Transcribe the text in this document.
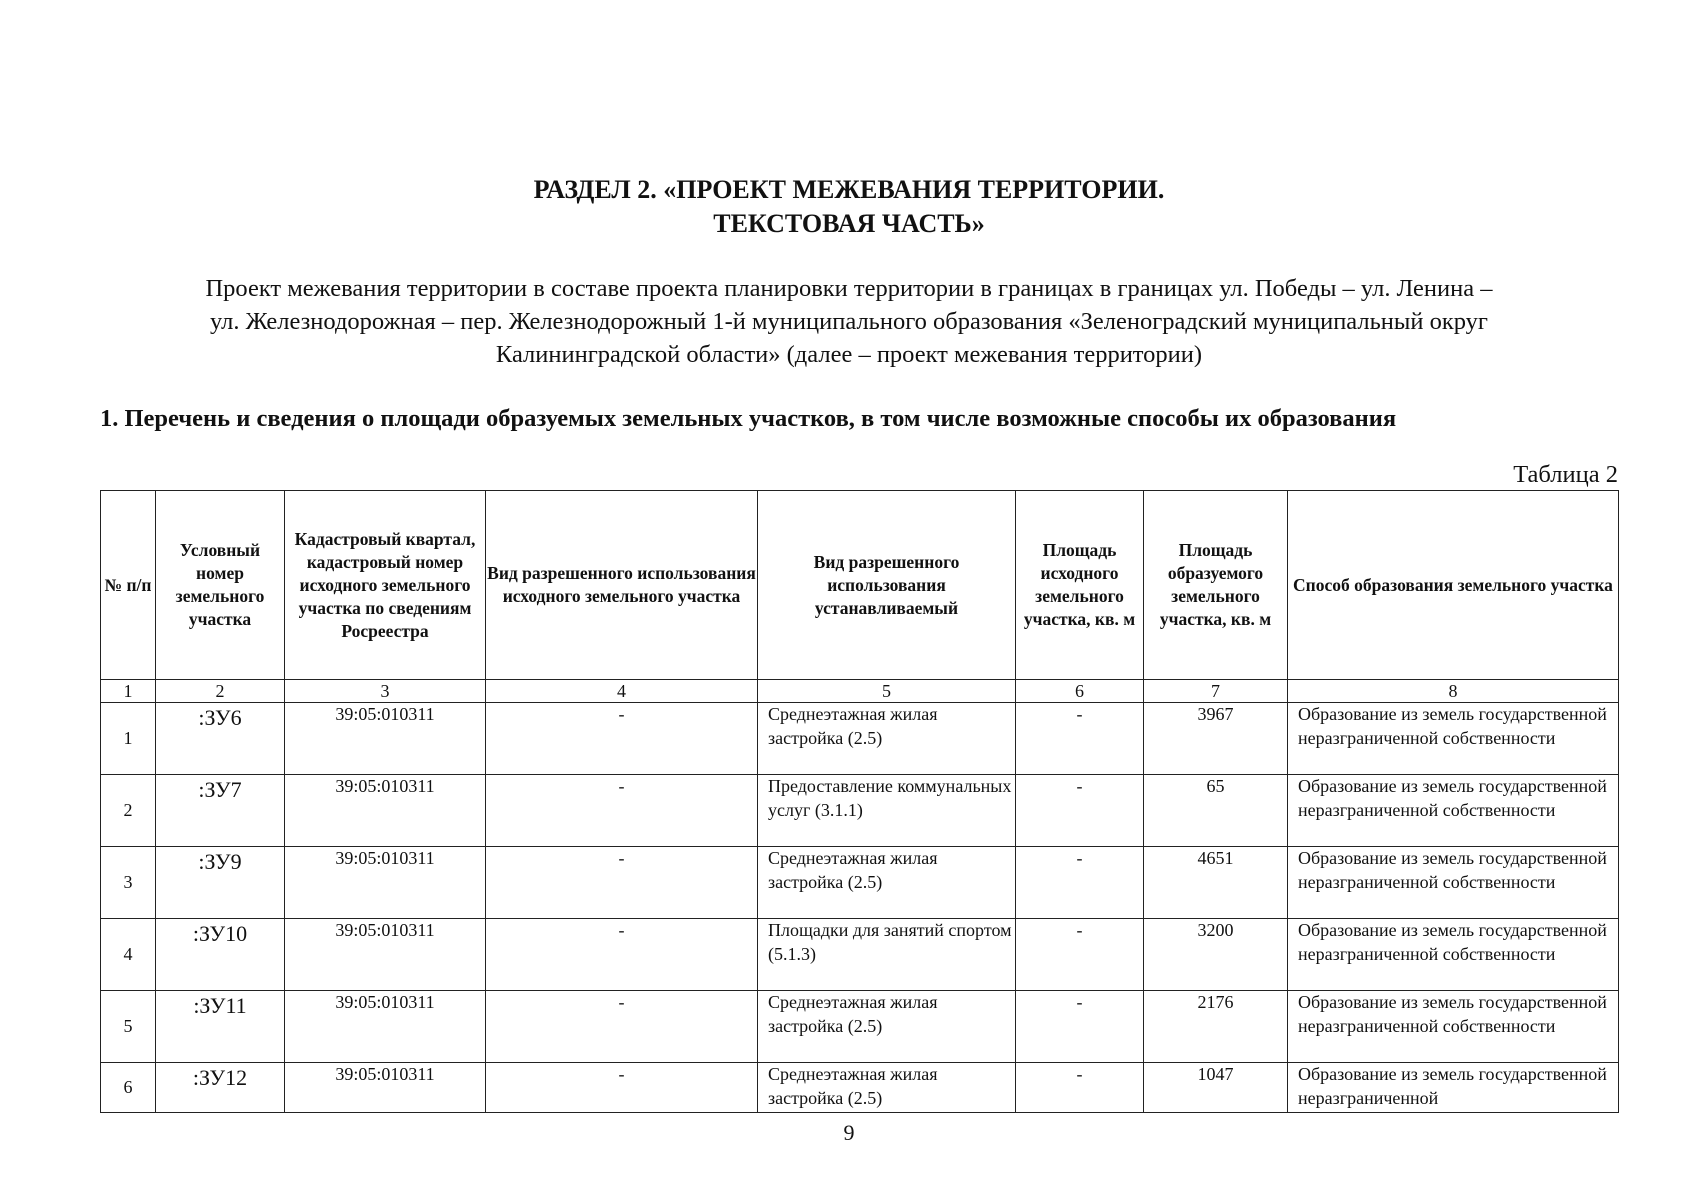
РАЗДЕЛ 2. «ПРОЕКТ МЕЖЕВАНИЯ ТЕРРИТОРИИ.
ТЕКСТОВАЯ ЧАСТЬ»
Проект межевания территории в составе проекта планировки территории в границах в границах ул. Победы – ул. Ленина –
ул. Железнодорожная – пер. Железнодорожный 1-й муниципального образования «Зеленоградский муниципальный округ
Калининградской области» (далее – проект межевания территории)
1. Перечень и сведения о площади образуемых земельных участков, в том числе возможные способы их образования
Таблица 2
№ п/п	Условный номер земельного участка	Кадастровый квартал, кадастровый номер исходного земельного участка по сведениям Росреестра	Вид разрешенного использования исходного земельного участка	Вид разрешенного использования устанавливаемый	Площадь исходного земельного участка, кв. м	Площадь образуемого земельного участка, кв. м	Способ образования земельного участка
1	2	3	4	5	6	7	8
1	:ЗУ6	39:05:010311	-	Среднеэтажная жилая застройка (2.5)	-	3967	Образование из земель государственной неразграниченной собственности
2	:ЗУ7	39:05:010311	-	Предоставление коммунальных услуг (3.1.1)	-	65	Образование из земель государственной неразграниченной собственности
3	:ЗУ9	39:05:010311	-	Среднеэтажная жилая застройка (2.5)	-	4651	Образование из земель государственной неразграниченной собственности
4	:ЗУ10	39:05:010311	-	Площадки для занятий спортом (5.1.3)	-	3200	Образование из земель государственной неразграниченной собственности
5	:ЗУ11	39:05:010311	-	Среднеэтажная жилая застройка (2.5)	-	2176	Образование из земель государственной неразграниченной собственности
6	:ЗУ12	39:05:010311	-	Среднеэтажная жилая застройка (2.5)	-	1047	Образование из земель государственной неразграниченной
9
